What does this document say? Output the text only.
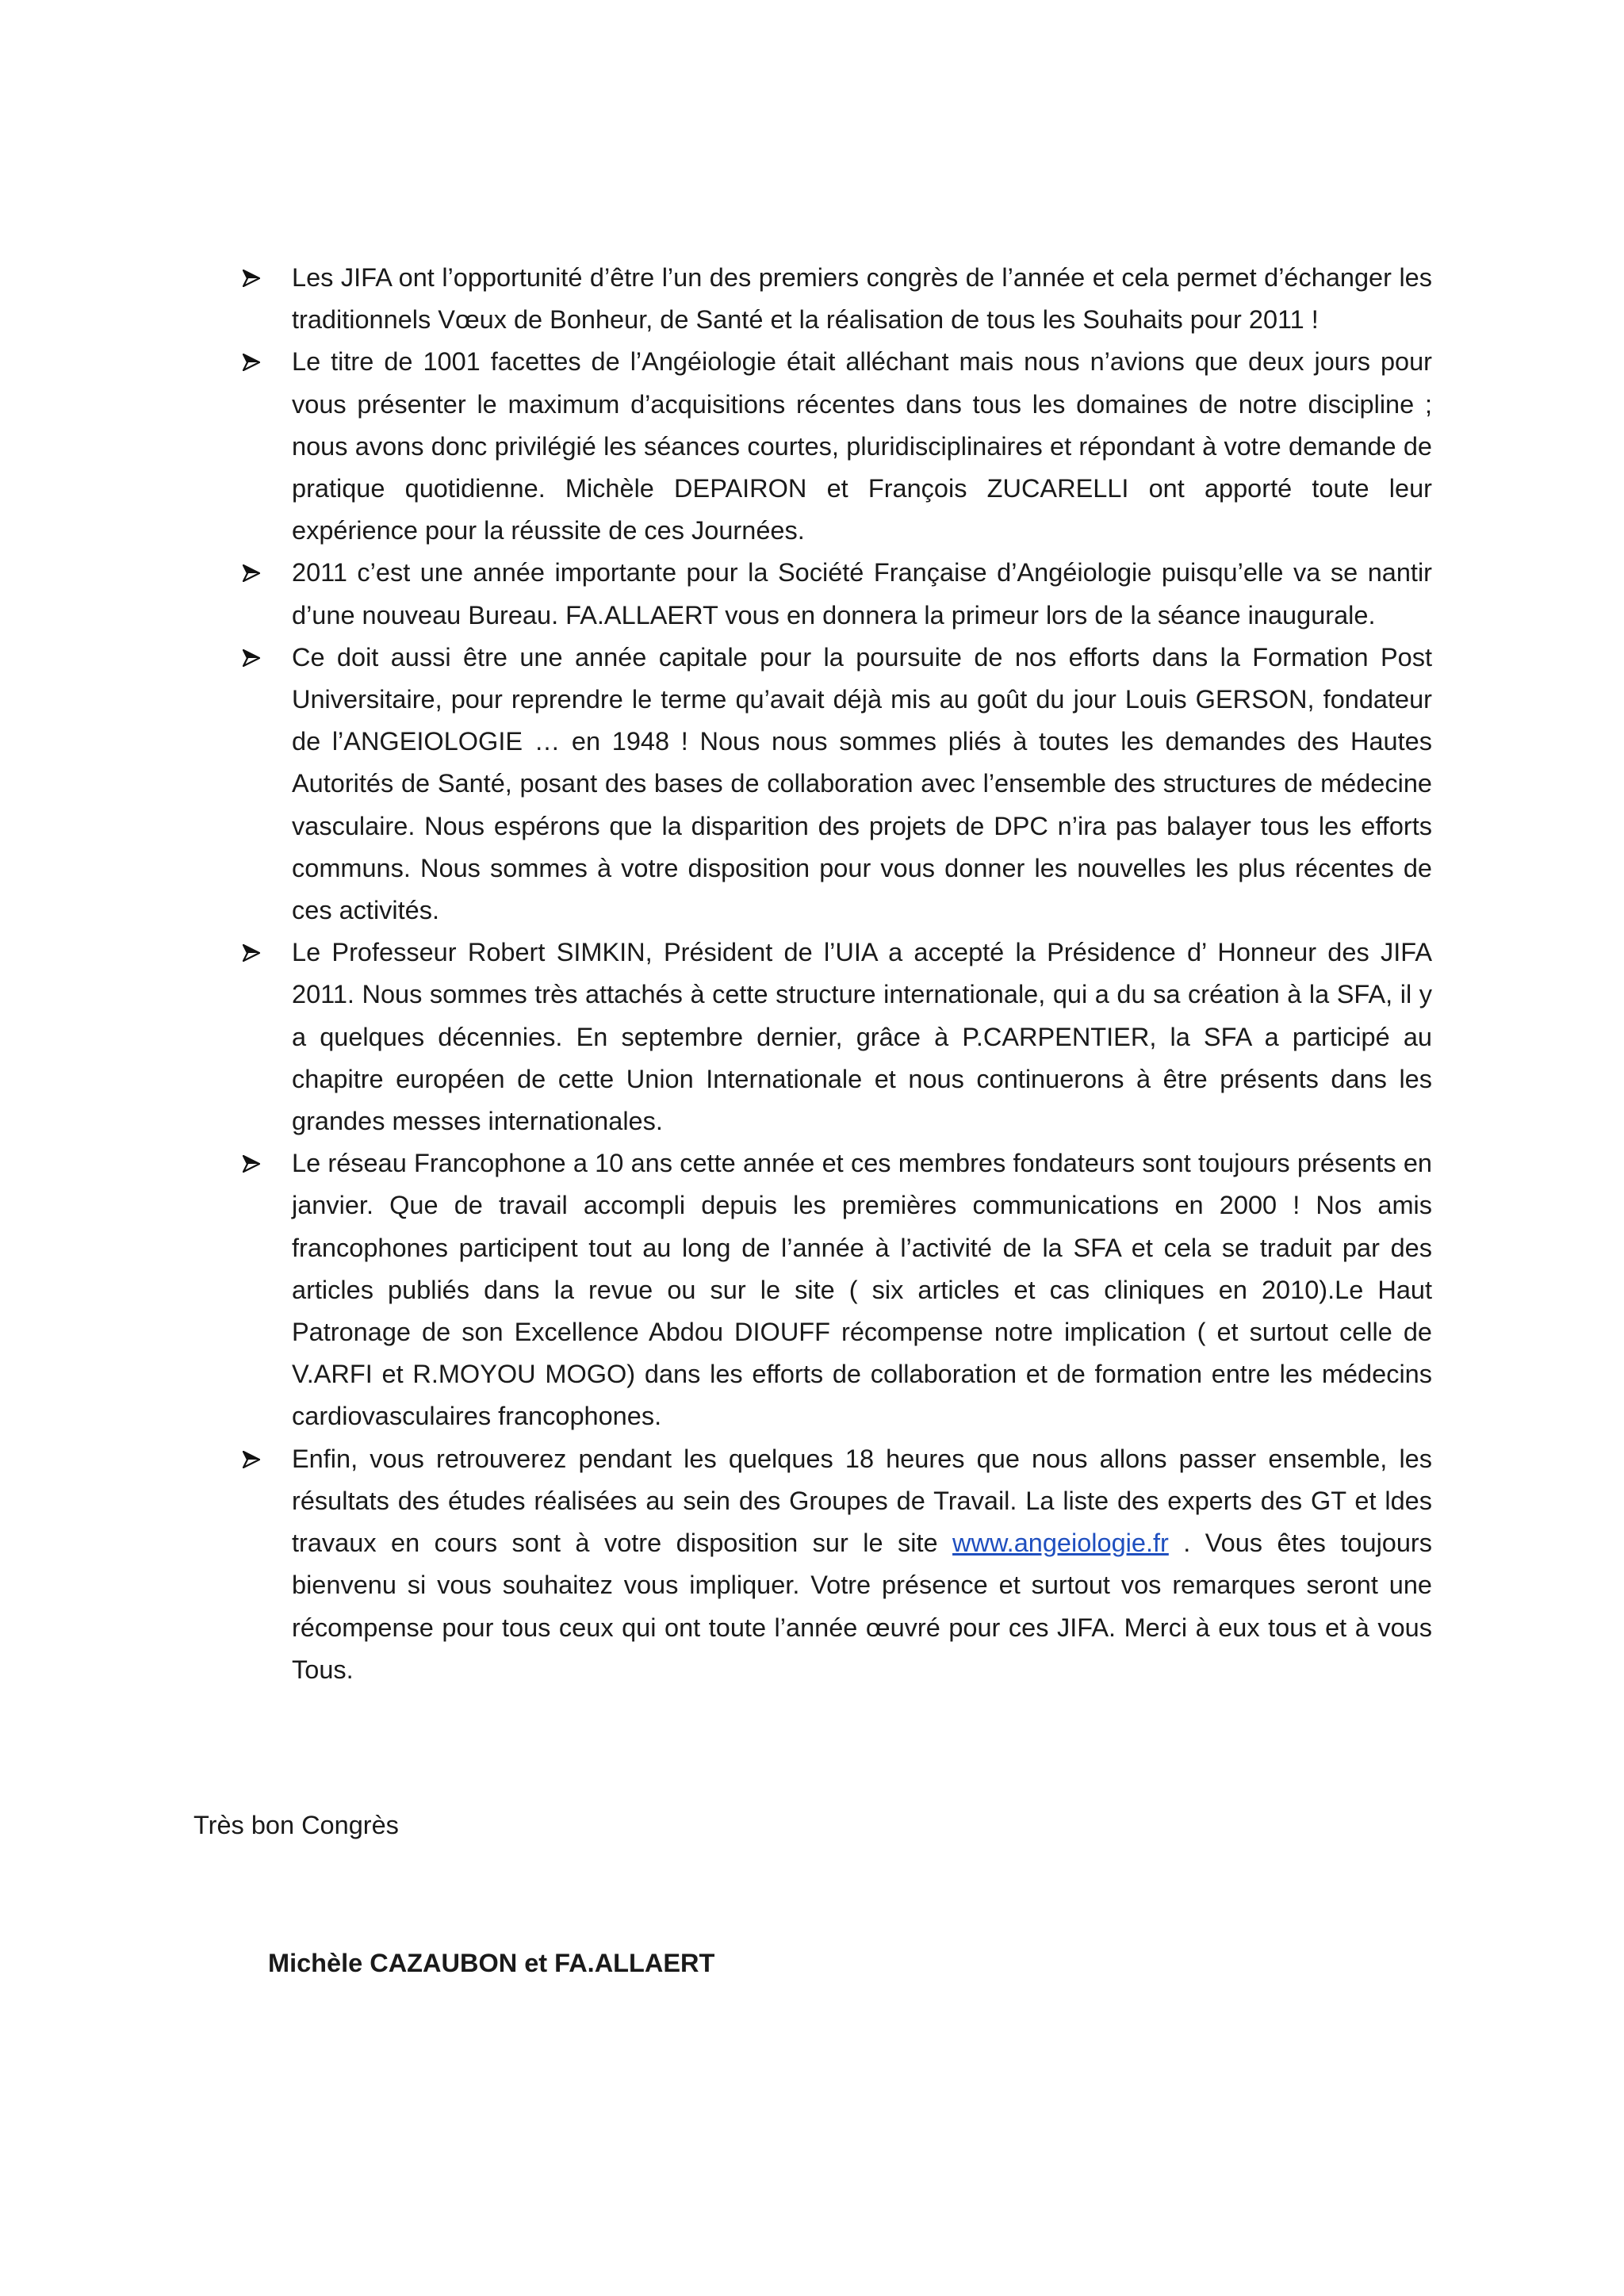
Les JIFA ont l’opportunité d’être l’un des premiers congrès de l’année et cela permet d’échanger les traditionnels Vœux de Bonheur, de Santé et la réalisation de tous les Souhaits pour 2011 !
Le titre de 1001 facettes de l’Angéiologie était alléchant mais nous n’avions que deux jours pour vous présenter le maximum d’acquisitions récentes dans tous les domaines de notre discipline ; nous avons donc privilégié les séances courtes, pluridisciplinaires et répondant à votre demande de pratique quotidienne. Michèle DEPAIRON et François ZUCARELLI ont apporté toute leur expérience pour la réussite de ces Journées.
2011 c’est une année importante pour la Société Française d’Angéiologie puisqu’elle va se nantir d’une nouveau Bureau. FA.ALLAERT vous en donnera la primeur lors de la séance inaugurale.
Ce doit aussi être une année capitale pour la poursuite de nos efforts dans la Formation Post Universitaire, pour reprendre le terme qu’avait déjà mis au goût du jour Louis GERSON, fondateur de l’ANGEIOLOGIE … en 1948 ! Nous nous sommes pliés à toutes les demandes des Hautes Autorités de Santé, posant des bases de collaboration avec l’ensemble des structures de médecine vasculaire. Nous espérons que la disparition des projets de DPC n’ira pas balayer tous les efforts communs. Nous sommes à votre disposition pour vous donner les nouvelles les plus récentes de ces activités.
Le Professeur Robert SIMKIN, Président de l’UIA a accepté la Présidence d’ Honneur des JIFA 2011. Nous sommes très attachés à cette structure internationale, qui a du sa création à la SFA, il y a quelques décennies. En septembre dernier, grâce à P.CARPENTIER, la SFA a participé au chapitre européen de cette Union Internationale et nous continuerons à être présents dans les grandes messes internationales.
Le réseau Francophone a 10 ans cette année et ces membres fondateurs sont toujours présents en janvier. Que de travail accompli depuis les premières communications en 2000 ! Nos amis francophones participent tout au long de l’année à l’activité de la SFA et cela se traduit par des articles publiés dans la revue ou sur le site ( six articles et cas cliniques en 2010).Le Haut Patronage de son Excellence Abdou DIOUFF récompense notre implication ( et surtout celle de V.ARFI et R.MOYOU MOGO) dans les efforts de collaboration et de formation entre les médecins cardiovasculaires francophones.
Enfin, vous retrouverez pendant les quelques 18 heures que nous allons passer ensemble, les résultats des études réalisées au sein des Groupes de Travail. La liste des experts des GT et ldes travaux en cours sont à votre disposition sur le site www.angeiologie.fr . Vous êtes toujours bienvenu si vous souhaitez vous impliquer. Votre présence et surtout vos remarques seront une récompense pour tous ceux qui ont toute l’année œuvré pour ces JIFA. Merci à eux tous et à vous Tous.

Très bon Congrès

Michèle CAZAUBON et FA.ALLAERT
